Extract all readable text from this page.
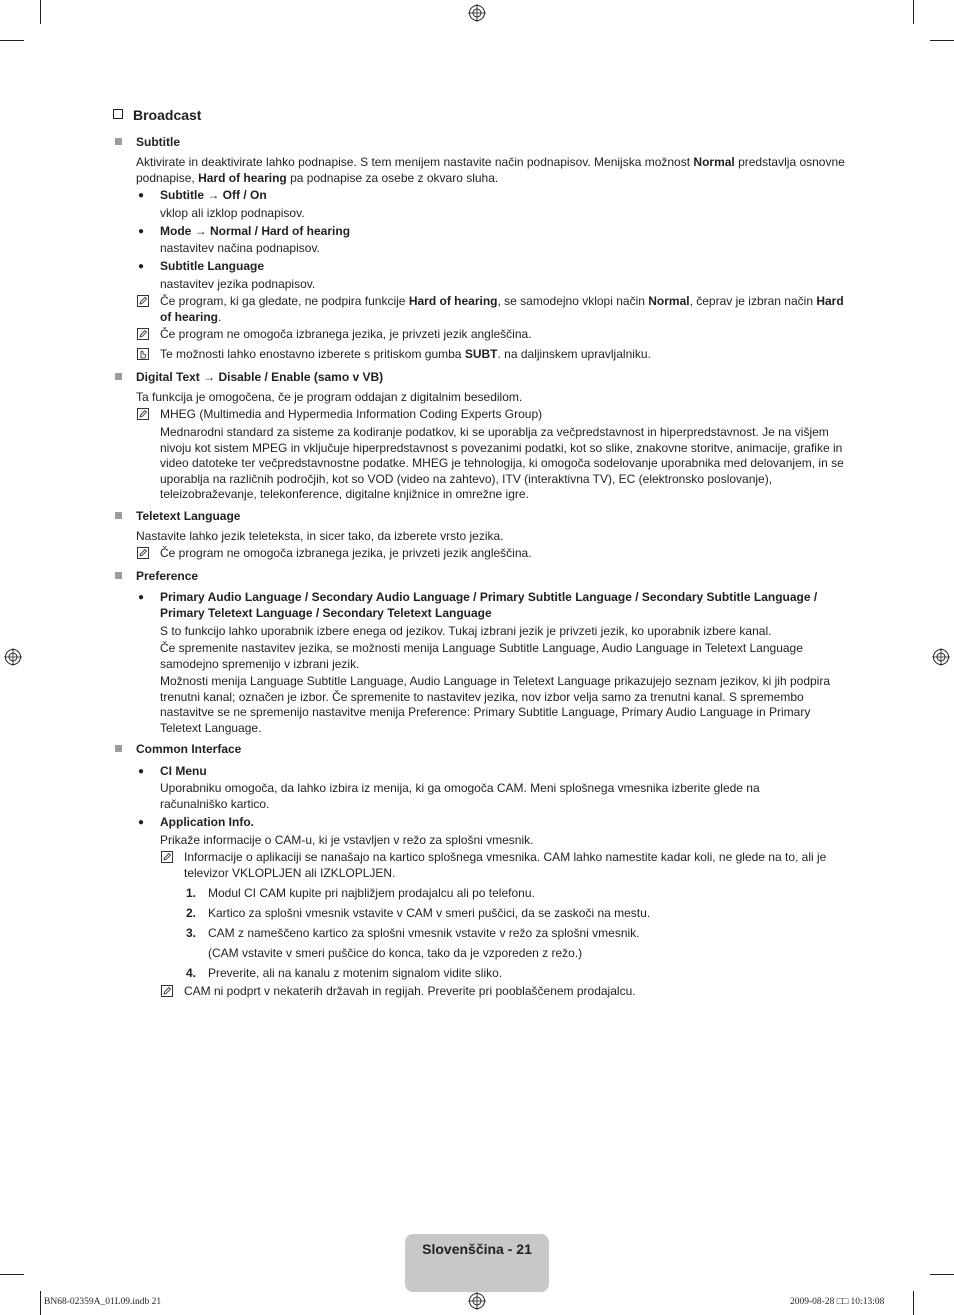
Broadcast
Subtitle
Aktivirate in deaktivirate lahko podnapise. S tem menijem nastavite način podnapisov. Menijska možnost Normal predstavlja osnovne podnapise, Hard of hearing pa podnapise za osebe z okvaro sluha.
● Subtitle → Off / On
vklop ali izklop podnapisov.
● Mode → Normal / Hard of hearing
nastavitev načina podnapisov.
● Subtitle Language
nastavitev jezika podnapisov.
Če program, ki ga gledate, ne podpira funkcije Hard of hearing, se samodejno vklopi način Normal, čeprav je izbran način Hard of hearing.
Če program ne omogoča izbranega jezika, je privzeti jezik angleščina.
Te možnosti lahko enostavno izberete s pritiskom gumba SUBT. na daljinskem upravljalniku.
Digital Text → Disable / Enable (samo v VB)
Ta funkcija je omogočena, če je program oddajan z digitalnim besedilom.
MHEG (Multimedia and Hypermedia Information Coding Experts Group)
Mednarodni standard za sisteme za kodiranje podatkov, ki se uporablja za večpredstavnost in hiperpredstavnost. Je na višjem nivoju kot sistem MPEG in vključuje hiperpredstavnost s povezanimi podatki, kot so slike, znakovne storitve, animacije, grafike in video datoteke ter večpredstavnostne podatke. MHEG je tehnologija, ki omogoča sodelovanje uporabnika med delovanjem, in se uporablja na različnih področjih, kot so VOD (video na zahtevo), ITV (interaktivna TV), EC (elektronsko poslovanje), teleizobraževanje, telekonference, digitalne knjižnice in omrežne igre.
Teletext Language
Nastavite lahko jezik teleteksta, in sicer tako, da izberete vrsto jezika.
Če program ne omogoča izbranega jezika, je privzeti jezik angleščina.
Preference
● Primary Audio Language / Secondary Audio Language / Primary Subtitle Language / Secondary Subtitle Language / Primary Teletext Language / Secondary Teletext Language
S to funkcijo lahko uporabnik izbere enega od jezikov. Tukaj izbrani jezik je privzeti jezik, ko uporabnik izbere kanal.
Če spremenite nastavitev jezika, se možnosti menija Language Subtitle Language, Audio Language in Teletext Language samodejno spremenijo v izbrani jezik.
Možnosti menija Language Subtitle Language, Audio Language in Teletext Language prikazujejo seznam jezikov, ki jih podpira trenutni kanal; označen je izbor. Če spremenite to nastavitev jezika, nov izbor velja samo za trenutni kanal. S spremembo nastavitve se ne spremenijo nastavitve menija Preference: Primary Subtitle Language, Primary Audio Language in Primary Teletext Language.
Common Interface
● CI Menu
Uporabniku omogoča, da lahko izbira iz menija, ki ga omogoča CAM. Meni splošnega vmesnika izberite glede na računalniško kartico.
● Application Info.
Prikaže informacije o CAM-u, ki je vstavljen v režo za splošni vmesnik.
Informacije o aplikaciji se nanašajo na kartico splošnega vmesnika. CAM lahko namestite kadar koli, ne glede na to, ali je televizor VKLOPLJEN ali IZKLOPLJEN.
1. Modul CI CAM kupite pri najbližjem prodajalcu ali po telefonu.
2. Kartico za splošni vmesnik vstavite v CAM v smeri puščici, da se zaskoči na mestu.
3. CAM z nameščeno kartico za splošni vmesnik vstavite v režo za splošni vmesnik.
(CAM vstavite v smeri puščice do konca, tako da je vzporeden z režo.)
4. Preverite, ali na kanalu z motenim signalom vidite sliko.
CAM ni podprt v nekaterih državah in regijah. Preverite pri pooblaščenem prodajalcu.
Slovenščina - 21
BN68-02359A_01L09.indb 21	2009-08-28 □□ 10:13:08
